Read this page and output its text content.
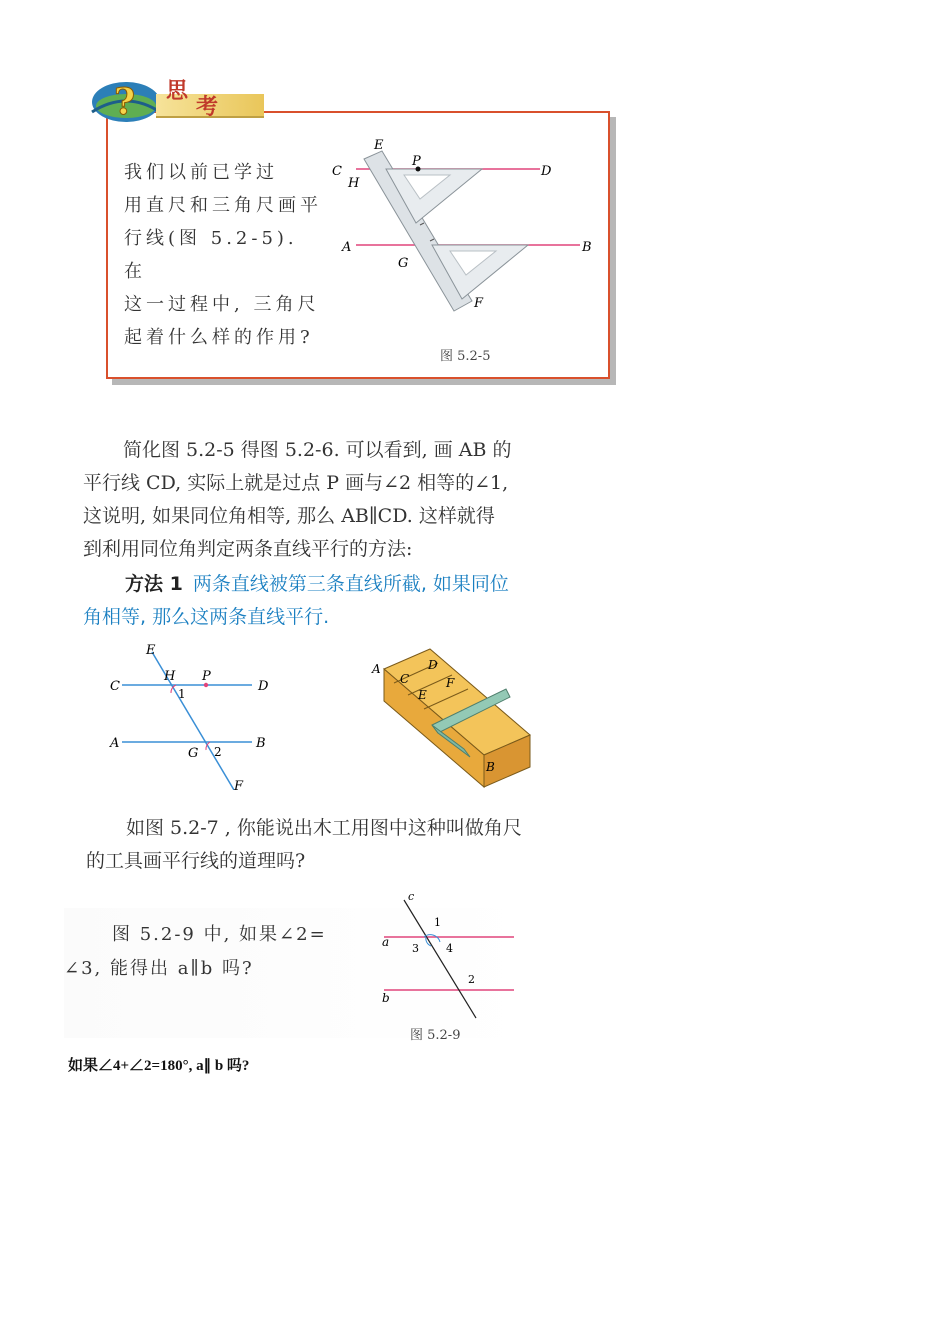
? 思
考
我们以前已学过
用直尺和三角尺画平
行线(图 5.2-5). 在
这一过程中, 三角尺
起着什么样的作用?
C	D
E
H
P
A	B
G
F
图 5.2-5
简化图 5.2-5 得图 5.2-6. 可以看到, 画 AB 的
平行线 CD, 实际上就是过点 P 画与∠2 相等的∠1,
这说明, 如果同位角相等, 那么 AB∥CD. 这样就得
到利用同位角判定两条直线平行的方法:
方法 1 两条直线被第三条直线所截, 如果同位
角相等, 那么这两条直线平行.
E
C
H P
D
1
A
G 2
B
F
A
C
D
E
F
B
如图 5.2-7 , 你能说出木工用图中这种叫做角尺
的工具画平行线的道理吗?
图 5.2-9 中, 如果∠2=
∠3, 能得出 a∥b 吗?
c
1
a 3 4
2
b
图 5.2-9
如果∠4+∠2=180°, a∥ b 吗?
